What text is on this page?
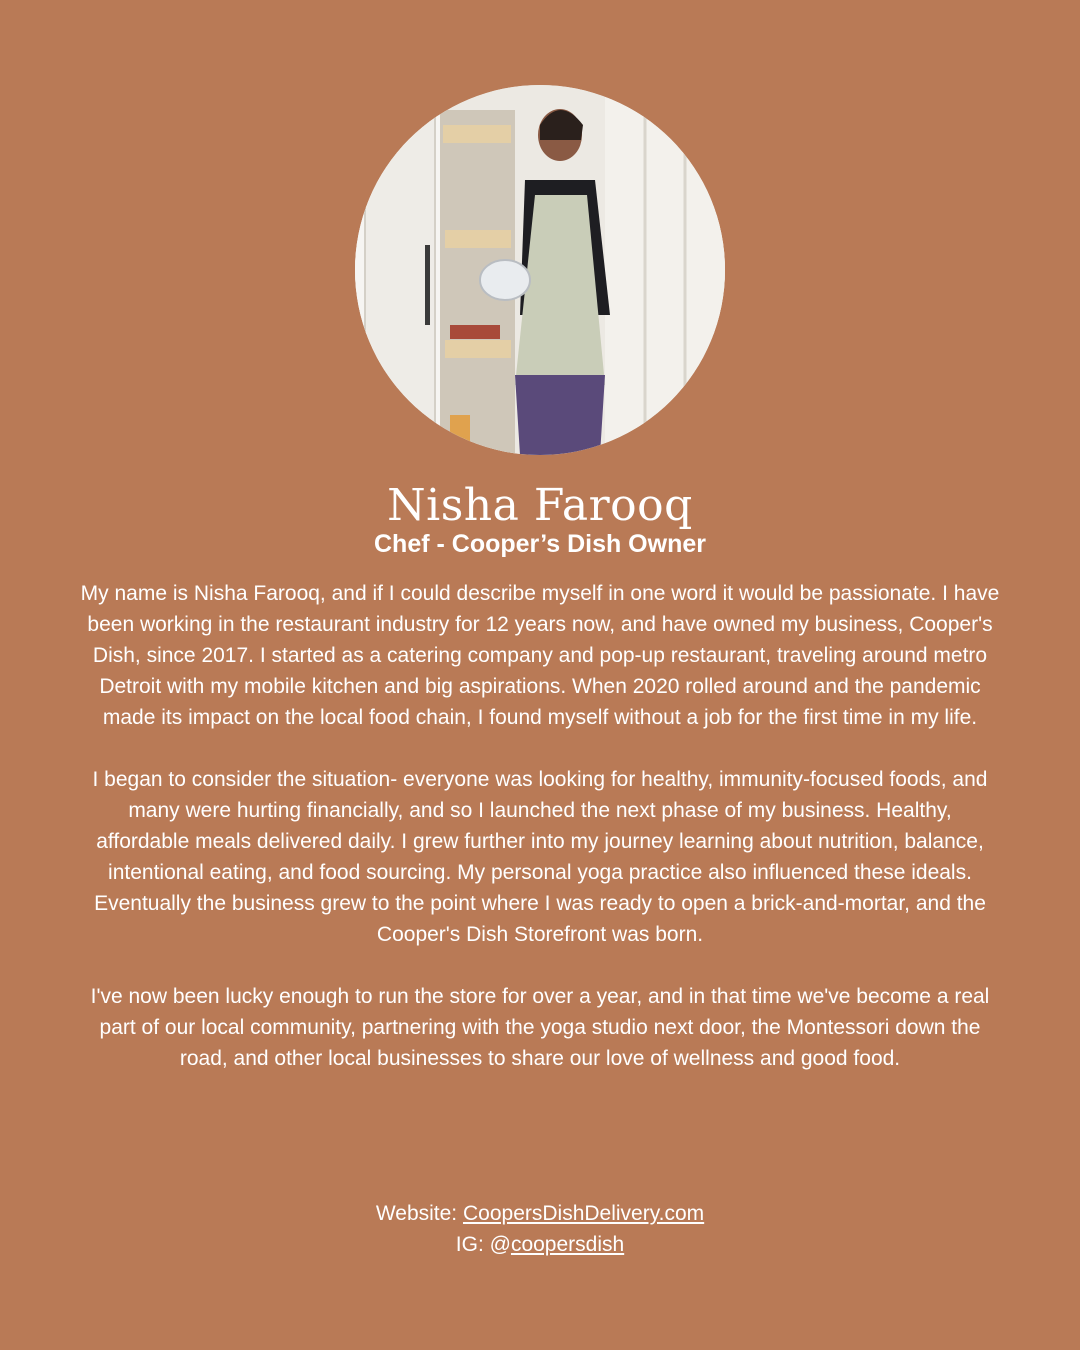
Nisha Farooq
Chef - Cooper’s Dish Owner

My name is Nisha Farooq, and if I could describe myself in one word it would be passionate. I have been working in the restaurant industry for 12 years now, and have owned my business, Cooper's Dish, since 2017. I started as a catering company and pop-up restaurant, traveling around metro Detroit with my mobile kitchen and big aspirations. When 2020 rolled around and the pandemic made its impact on the local food chain, I found myself without a job for the first time in my life.

I began to consider the situation- everyone was looking for healthy, immunity-focused foods, and many were hurting financially, and so I launched the next phase of my business. Healthy, affordable meals delivered daily. I grew further into my journey learning about nutrition, balance, intentional eating, and food sourcing. My personal yoga practice also influenced these ideals. Eventually the business grew to the point where I was ready to open a brick-and-mortar, and the Cooper's Dish Storefront was born.

I've now been lucky enough to run the store for over a year, and in that time we've become a real part of our local community, partnering with the yoga studio next door, the Montessori down the road, and other local businesses to share our love of wellness and good food.

Website: CoopersDishDelivery.com
IG: @coopersdish
